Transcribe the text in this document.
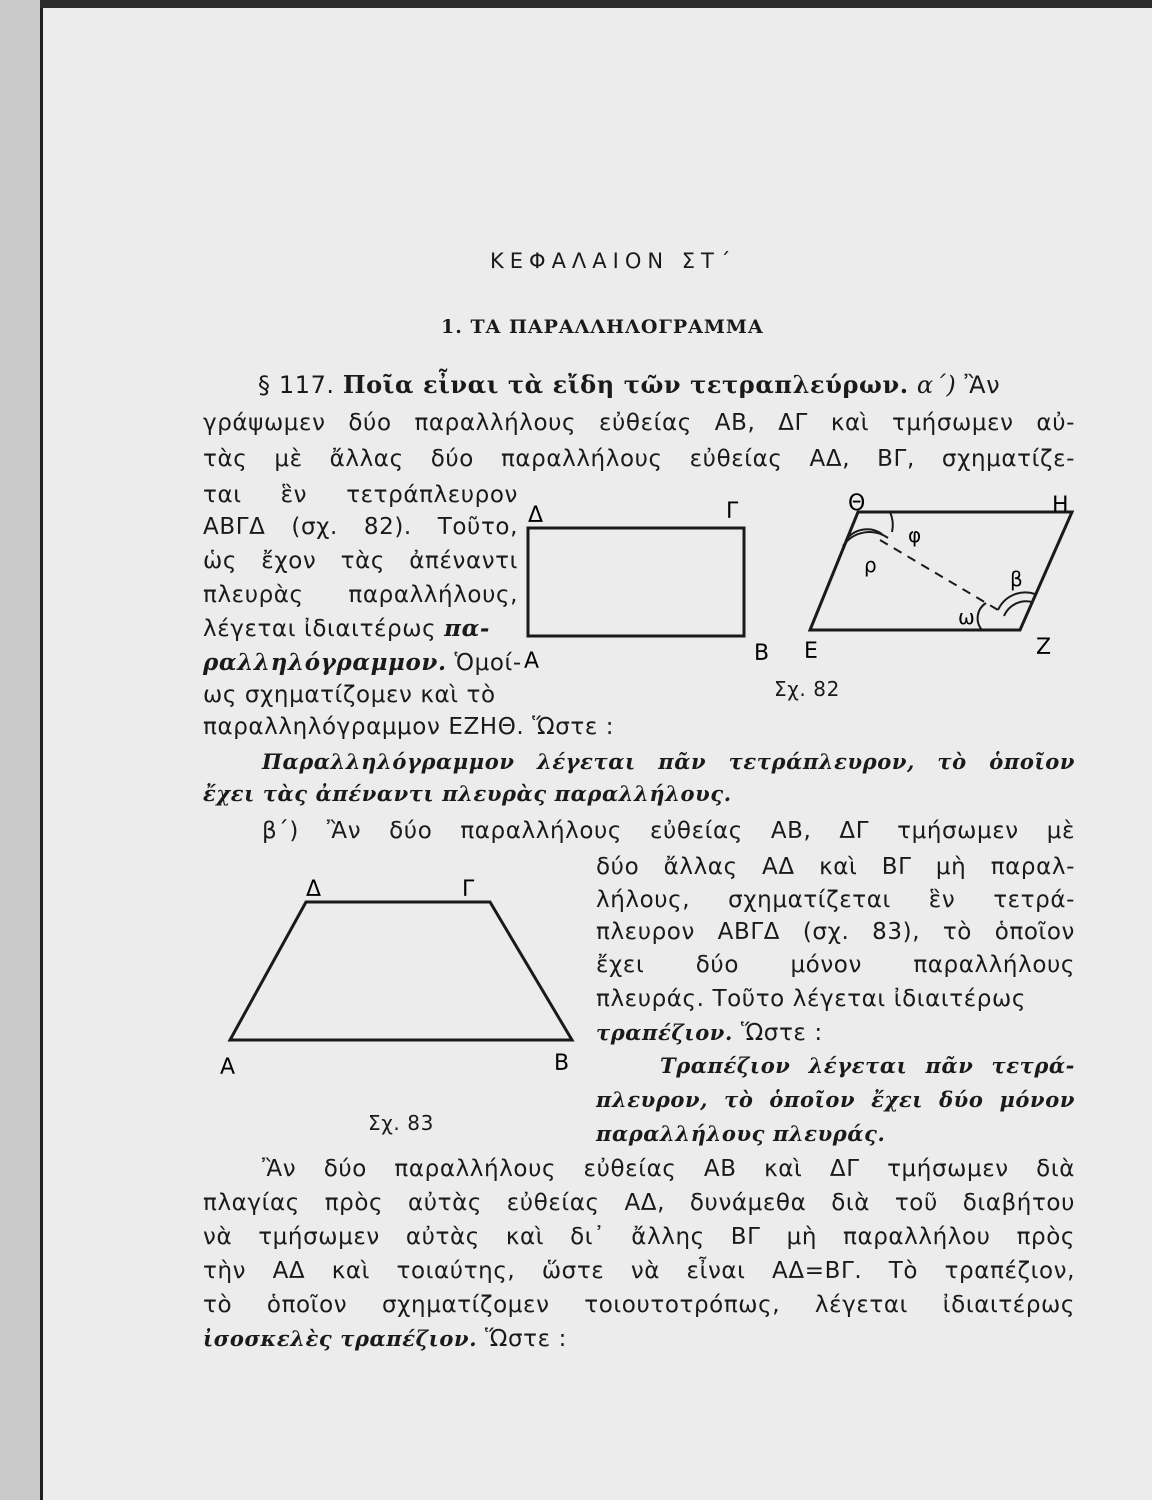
ΚΕΦΑΛΑΙΟΝ ΣΤ΄
1. ΤΑ ΠΑΡΑΛΛΗΛΟΓΡΑΜΜΑ
§ 117. Ποῖα εἶναι τὰ εἴδη τῶν τετραπλεύρων. α΄) Ἂν
γράψωμεν δύο παραλλήλους εὐθείας ΑΒ, ΔΓ καὶ τμήσωμεν αὐ-
τὰς μὲ ἄλλας δύο παραλλήλους εὐθείας ΑΔ, ΒΓ, σχηματίζε-
ται ἓν τετράπλευρον
ΑΒΓΔ (σχ. 82). Τοῦτο,
ὡς ἔχον τὰς ἀπέναντι
πλευρὰς παραλλήλους,
λέγεται ἰδιαιτέρως πα-
ραλληλόγραμμον. Ὁμοί-
ως σχηματίζομεν καὶ τὸ
παραλληλόγραμμον ΕΖΗΘ. Ὥστε :
Παραλληλόγραμμον λέγεται πᾶν τετράπλευρον, τὸ ὁποῖον
ἔχει τὰς ἀπέναντι πλευρὰς παραλλήλους.
Α	Β
Γ
Δ
Ε	Ζ
Η
Θ
φ
ρ
β
ω
Σχ. 82
β΄) Ἂν δύο παραλλήλους εὐθείας ΑΒ, ΔΓ τμήσωμεν μὲ
δύο ἄλλας ΑΔ καὶ ΒΓ μὴ παραλ-
λήλους, σχηματίζεται ἓν τετρά-
πλευρον ΑΒΓΔ (σχ. 83), τὸ ὁποῖον
ἔχει δύο μόνον παραλλήλους
πλευράς. Τοῦτο λέγεται ἰδιαιτέρως
τραπέζιον. Ὥστε :
Τραπέζιον λέγεται πᾶν τετρά-
πλευρον, τὸ ὁποῖον ἔχει δύο μόνον
παραλλήλους πλευράς.
Α	Β
Γ
Δ
Σχ. 83
Ἂν δύο παραλλήλους εὐθείας ΑΒ καὶ ΔΓ τμήσωμεν διὰ
πλαγίας πρὸς αὐτὰς εὐθείας ΑΔ, δυνάμεθα διὰ τοῦ διαβήτου
νὰ τμήσωμεν αὐτὰς καὶ δι᾽ ἄλλης ΒΓ μὴ παραλλήλου πρὸς
τὴν ΑΔ καὶ τοιαύτης, ὥστε νὰ εἶναι ΑΔ=ΒΓ. Τὸ τραπέζιον,
τὸ ὁποῖον σχηματίζομεν τοιουτοτρόπως, λέγεται ἰδιαιτέρως
ἰσοσκελὲς τραπέζιον. Ὥστε :
